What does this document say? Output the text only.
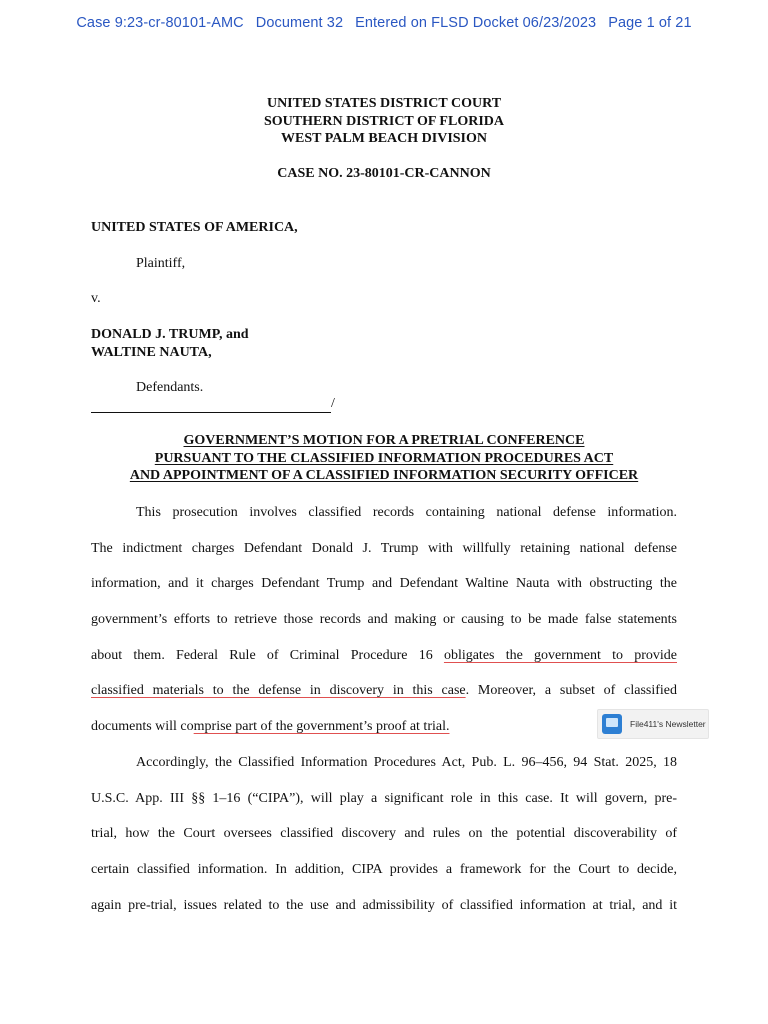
Case 9:23-cr-80101-AMC Document 32 Entered on FLSD Docket 06/23/2023 Page 1 of 21
UNITED STATES DISTRICT COURT
SOUTHERN DISTRICT OF FLORIDA
WEST PALM BEACH DIVISION
CASE NO. 23-80101-CR-CANNON
UNITED STATES OF AMERICA,
Plaintiff,
v.
DONALD J. TRUMP, and
WALTINE NAUTA,
Defendants.
/
GOVERNMENT’S MOTION FOR A PRETRIAL CONFERENCE
PURSUANT TO THE CLASSIFIED INFORMATION PROCEDURES ACT
AND APPOINTMENT OF A CLASSIFIED INFORMATION SECURITY OFFICER
This prosecution involves classified records containing national defense information.
The indictment charges Defendant Donald J. Trump with willfully retaining national defense
information, and it charges Defendant Trump and Defendant Waltine Nauta with obstructing the
government’s efforts to retrieve those records and making or causing to be made false statements
about them. Federal Rule of Criminal Procedure 16 obligates the government to provide
classified materials to the defense in discovery in this case. Moreover, a subset of classified
documents will comprise part of the government’s proof at trial.	File411's Newsletter
Accordingly, the Classified Information Procedures Act, Pub. L. 96–456, 94 Stat. 2025, 18
U.S.C. App. III §§ 1–16 (“CIPA”), will play a significant role in this case. It will govern, pre-
trial, how the Court oversees classified discovery and rules on the potential discoverability of
certain classified information. In addition, CIPA provides a framework for the Court to decide,
again pre-trial, issues related to the use and admissibility of classified information at trial, and it
